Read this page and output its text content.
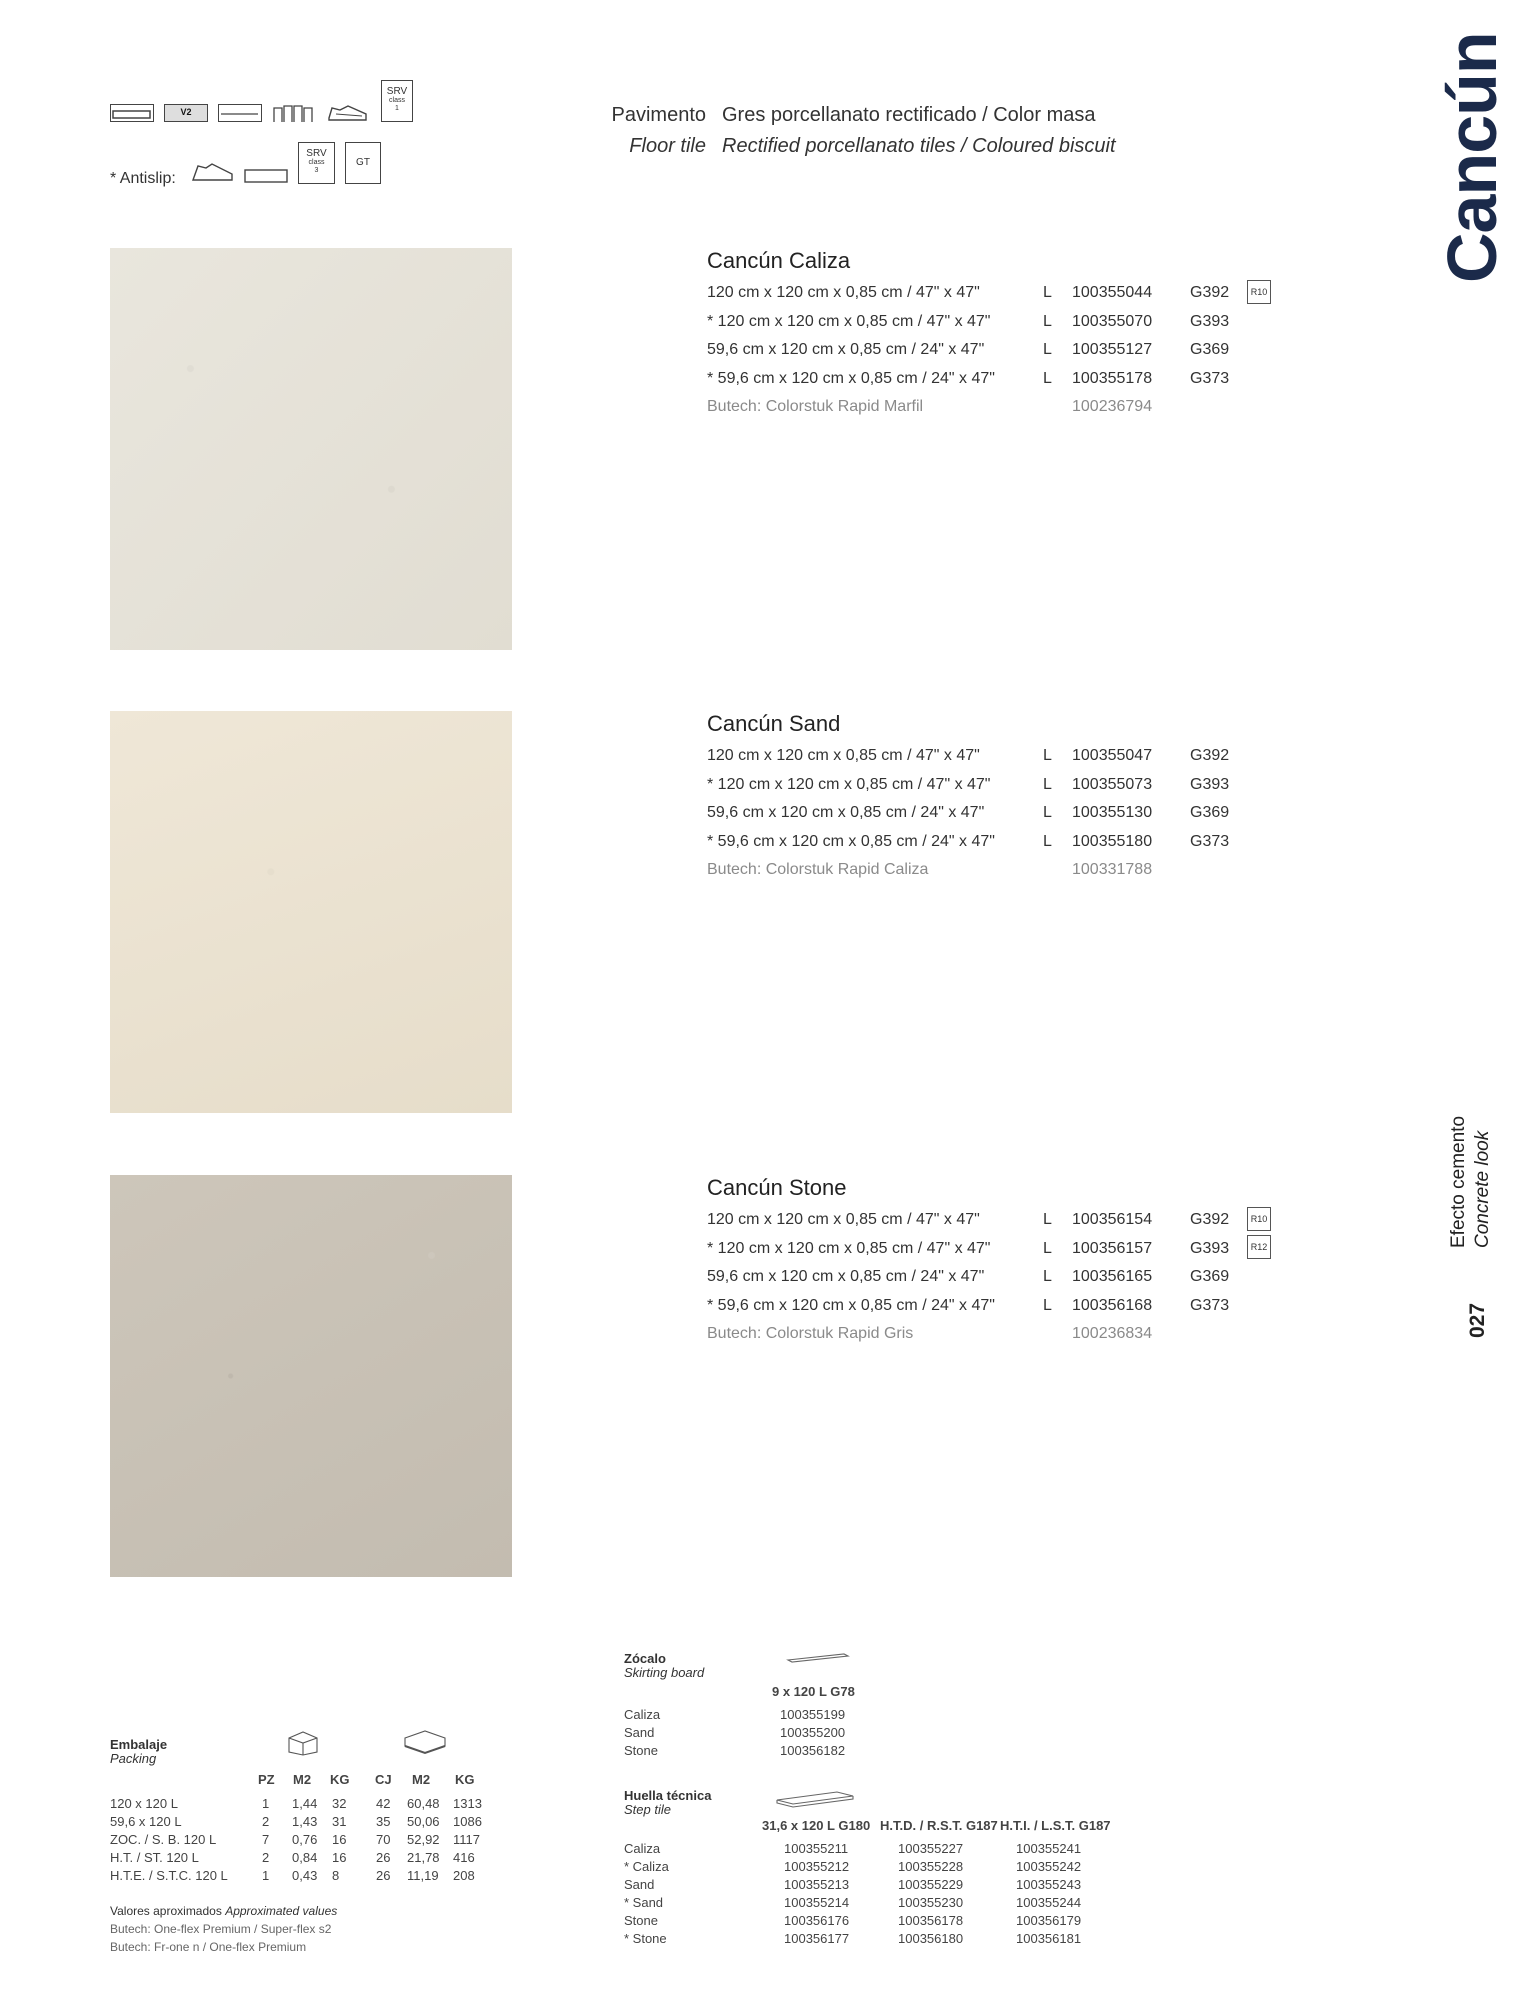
V2
SRV
class
1
* Antislip:
SRV
class
3
GT
Pavimento Gres porcellanato rectificado / Color masa
Floor tile Rectified porcellanato tiles / Coloured biscuit	Cancún
Efecto cemento Concrete look
027
Cancún Caliza
120 cm x 120 cm x 0,85 cm / 47" x 47"	L 100355044 G392
* 120 cm x 120 cm x 0,85 cm / 47" x 47"	L 100355070 G393
59,6 cm x 120 cm x 0,85 cm / 24" x 47"	L 100355127 G369
* 59,6 cm x 120 cm x 0,85 cm / 24" x 47"	L 100355178 G373
Butech: Colorstuk Rapid Marfil	100236794
R10
Cancún Sand
120 cm x 120 cm x 0,85 cm / 47" x 47"	L 100355047 G392
* 120 cm x 120 cm x 0,85 cm / 47" x 47"	L 100355073 G393
59,6 cm x 120 cm x 0,85 cm / 24" x 47"	L 100355130 G369
* 59,6 cm x 120 cm x 0,85 cm / 24" x 47"	L 100355180 G373
Butech: Colorstuk Rapid Caliza	100331788
Cancún Stone
120 cm x 120 cm x 0,85 cm / 47" x 47"	L 100356154 G392
* 120 cm x 120 cm x 0,85 cm / 47" x 47"	L 100356157 G393
59,6 cm x 120 cm x 0,85 cm / 24" x 47"	L 100356165 G369
* 59,6 cm x 120 cm x 0,85 cm / 24" x 47"	L 100356168 G373
Butech: Colorstuk Rapid Gris	100236834
R10
R12
Embalaje
Packing
PZ M2 KG CJ M2 KG
120 x 120 L	1 1,44 32 42 60,48 1313
59,6 x 120 L	2 1,43 31 35 50,06 1086
ZOC. / S. B. 120 L	7 0,76 16 70 52,92 1117
H.T. / ST. 120 L	2 0,84 16 26 21,78 416
H.T.E. / S.T.C. 120 L	1 0,43 8	26 11,19 208
Valores aproximados Approximated values
Butech: One-flex Premium / Super-flex s2
Butech: Fr-one n / One-flex Premium
Zócalo
Skirting board
9 x 120 L G78
Caliza	100355199
Sand	100355200
Stone	100356182
Huella técnica
Step tile
31,6 x 120 L G180 H.T.D. / R.S.T. G187 H.T.I. / L.S.T. G187
Caliza	100355211	100355227	100355241
* Caliza	100355212	100355228	100355242
Sand	100355213	100355229	100355243
* Sand	100355214	100355230	100355244
Stone	100356176	100356178	100356179
* Stone	100356177	100356180	100356181
